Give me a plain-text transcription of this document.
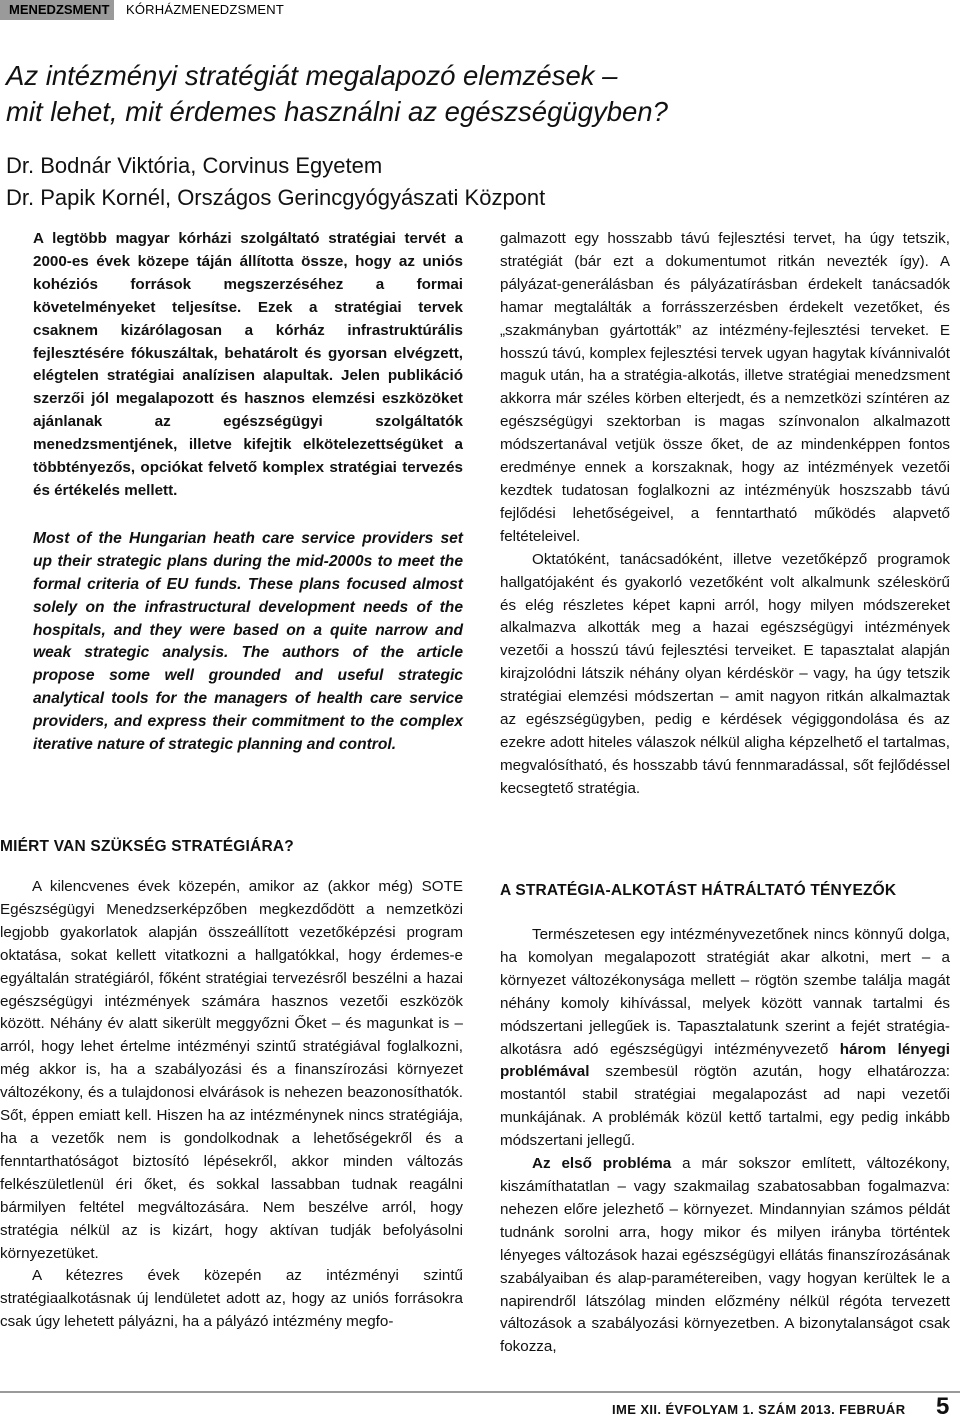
MENEDZSMENT	KÓRHÁZMENEDZSMENT
Az intézményi stratégiát megalapozó elemzések –
mit lehet, mit érdemes használni az egészségügyben?
Dr. Bodnár Viktória, Corvinus Egyetem
Dr. Papik Kornél, Országos Gerincgyógyászati Központ

A legtöbb magyar kórházi szolgáltató stratégiai tervét a 2000-es évek közepe táján állította össze, hogy az uniós kohéziós források megszerzéséhez a formai követelményeket teljesítse. Ezek a stratégiai tervek csaknem kizárólagosan a kórház infrastruktúrális fejlesztésére fókuszáltak, behatárolt és gyorsan elvégzett, elégtelen stratégiai analízisen alapultak. Jelen publikáció szerzői jól megalapozott és hasznos elemzési eszközöket ajánlanak az egészségügyi szolgáltatók menedzsmentjének, illetve kifejtik elkötelezettségüket a többtényezős, opciókat felvető komplex stratégiai tervezés és értékelés mellett.

Most of the Hungarian heath care service providers set up their strategic plans during the mid-2000s to meet the formal criteria of EU funds. These plans focused almost solely on the infrastructural development needs of the hospitals, and they were based on a quite narrow and weak strategic analysis. The authors of the article propose some well grounded and useful strategic analytical tools for the managers of health care service providers, and express their commitment to the complex iterative nature of strategic planning and control.

MIÉRT VAN SZÜKSÉG STRATÉGIÁRA?

A kilencvenes évek közepén, amikor az (akkor még) SOTE Egészségügyi Menedzserképzőben megkezdődött a nemzetközi legjobb gyakorlatok alapján összeállított vezetőképzési program oktatása, sokat kellett vitatkozni a hallgatókkal, hogy érdemes-e egyáltalán stratégiáról, főként stratégiai tervezésről beszélni a hazai egészségügyi intézmények számára hasznos vezetői eszközök között. Néhány év alatt sikerült meggyőzni Őket – és magunkat is – arról, hogy lehet értelme intézményi szintű stratégiával foglalkozni, még akkor is, ha a szabályozási és a finanszírozási környezet változékony, és a tulajdonosi elvárások is nehezen beazonosíthatók. Sőt, éppen emiatt kell. Hiszen ha az intézménynek nincs stratégiája, ha a vezetők nem is gondolkodnak a lehetőségekről és a fenntarthatóságot biztosító lépésekről, akkor minden változás felkészületlenül éri őket, és sokkal lassabban tudnak reagálni bármilyen feltétel megváltozására. Nem beszélve arról, hogy stratégia nélkül az is kizárt, hogy aktívan tudják befolyásolni környezetüket.

A kétezres évek közepén az intézményi szintű stratégiaalkotásnak új lendületet adott az, hogy az uniós forrásokra csak úgy lehetett pályázni, ha a pályázó intézmény megfo-

galmazott egy hosszabb távú fejlesztési tervet, ha úgy tetszik, stratégiát (bár ezt a dokumentumot ritkán nevezték így). A pályázat-generálásban és pályázatírásban érdekelt tanácsadók hamar megtalálták a forrásszerzésben érdekelt vezetőket, és „szakmányban gyártották” az intézmény-fejlesztési terveket. E hosszú távú, komplex fejlesztési tervek ugyan hagytak kívánnivalót maguk után, ha a stratégia-alkotás, illetve stratégiai menedzsment akkorra már széles körben elterjedt, és a nemzetközi színtéren az egészségügyi szektorban is magas színvonalon alkalmazott módszertanával vetjük össze őket, de az mindenképpen fontos eredménye ennek a korszaknak, hogy az intézmények vezetői kezdtek tudatosan foglalkozni az intézményük hoszszabb távú fejlődési lehetőségeivel, a fenntartható működés alapvető feltételeivel.

Oktatóként, tanácsadóként, illetve vezetőképző programok hallgatójaként és gyakorló vezetőként volt alkalmunk széleskörű és elég részletes képet kapni arról, hogy milyen módszereket alkalmazva alkották meg a hazai egészségügyi intézmények vezetői a hosszú távú fejlesztési terveiket. E tapasztalat alapján kirajzolódni látszik néhány olyan kérdéskör – vagy, ha úgy tetszik stratégiai elemzési módszertan – amit nagyon ritkán alkalmaztak az egészségügyben, pedig e kérdések végiggondolása és az ezekre adott hiteles válaszok nélkül aligha képzelhető el tartalmas, megvalósítható, és hosszabb távú fennmaradással, sőt fejlődéssel kecsegtető stratégia.

A STRATÉGIA-ALKOTÁST HÁTRÁLTATÓ TÉNYEZŐK

Természetesen egy intézményvezetőnek nincs könnyű dolga, ha komolyan megalapozott stratégiát akar alkotni, mert – a környezet változékonysága mellett – rögtön szembe találja magát néhány komoly kihívással, melyek között vannak tartalmi és módszertani jellegűek is. Tapasztalatunk szerint a fejét stratégia-alkotásra adó egészségügyi intézményvezető három lényegi problémával szembesül rögtön azután, hogy elhatározza: mostantól stabil stratégiai megalapozást ad napi vezetői munkájának. A problémák közül kettő tartalmi, egy pedig inkább módszertani jellegű.

Az első probléma a már sokszor említett, változékony, kiszámíthatatlan – vagy szakmailag szabatosabban fogalmazva: nehezen előre jelezhető – környezet. Mindannyian számos példát tudnánk sorolni arra, hogy mikor és milyen irányba történtek lényeges változások hazai egészségügyi ellátás finanszírozásának szabályaiban és alap-paramétereiben, vagy hogyan kerültek le a napirendről látszólag minden előzmény nélkül régóta tervezett változások a szabályozási környezetben. A bizonytalanságot csak fokozza,

IME XII. ÉVFOLYAM 1. SZÁM 2013. FEBRUÁR 5
